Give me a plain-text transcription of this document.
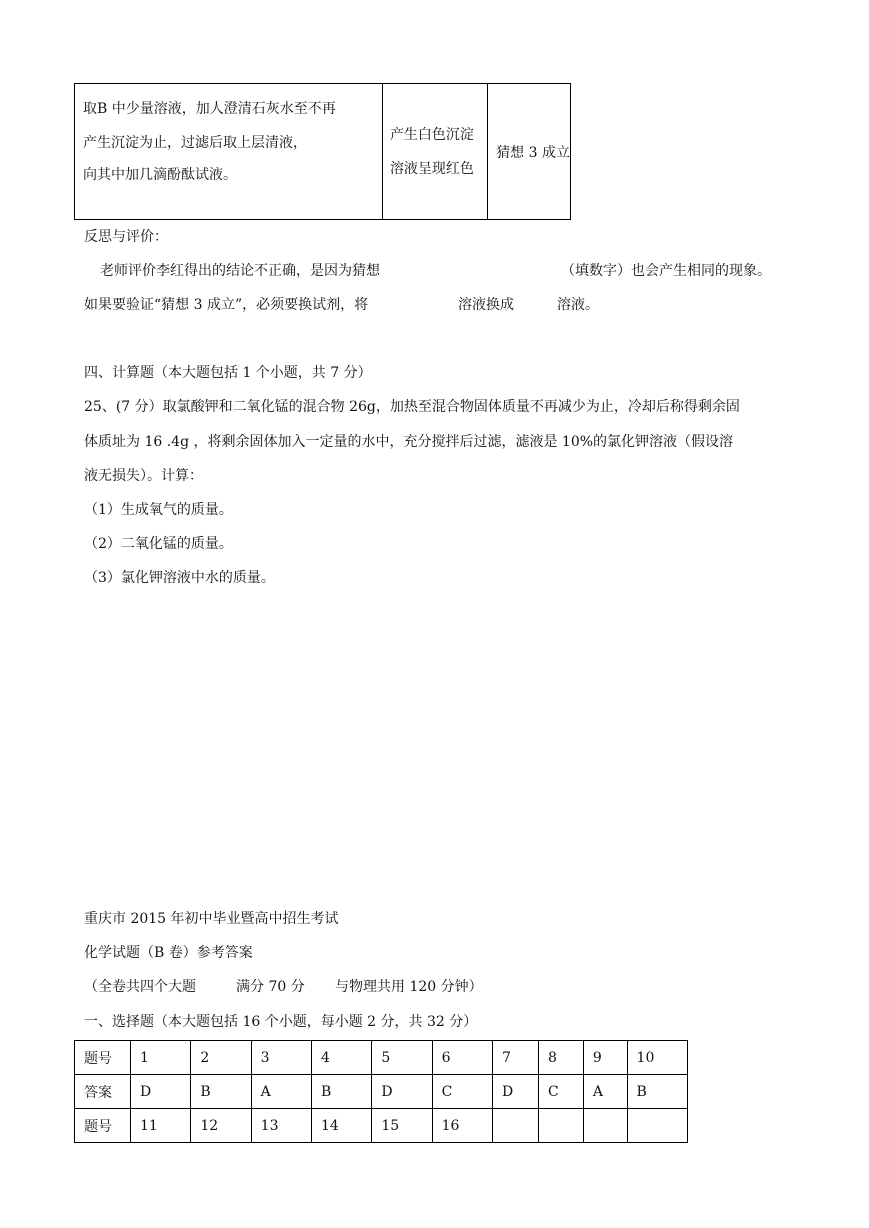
取B 中少量溶液，加人澄清石灰水至不再
产生沉淀为止，过滤后取上层清液，
向其中加几滴酚酞试液。

产生白色沉淀
溶液呈现红色
	猜想 3 成立
反思与评价：
老师评价李红得出的结论不正确，是因为猜想	（填数字）也会产生相同的现象。
如果要验证“猜想 3 成立”，必须要换试剂，将	溶液换成	溶液。
四、计算题（本大题包括 1 个小题，共 7 分）
25、(7 分）取氯酸钾和二氧化锰的混合物 26g，加热至混合物固体质量不再减少为止，冷却后称得剩余固
体质址为 16 .4g ，将剩余固体加入一定量的水中，充分搅拌后过滤，滤液是 10%的氯化钾溶液（假设溶
液无损失）。计算：
（1）生成氧气的质量。
（2）二氧化锰的质量。
（3）氯化钾溶液中水的质量。
重庆市 2015 年初中毕业暨高中招生考试
化学试题（B 卷）参考答案
（全卷共四个大题	满分 70 分 与物理共用 120 分钟）
一、选择题（本大题包括 16 个小题，每小题 2 分，共 32 分）
题号	1	2	3	4	5	6	7	8	9	10
答案	D	B	A	B	D	C	D	C	A	B
题号	11	12	13	14	15	16				
